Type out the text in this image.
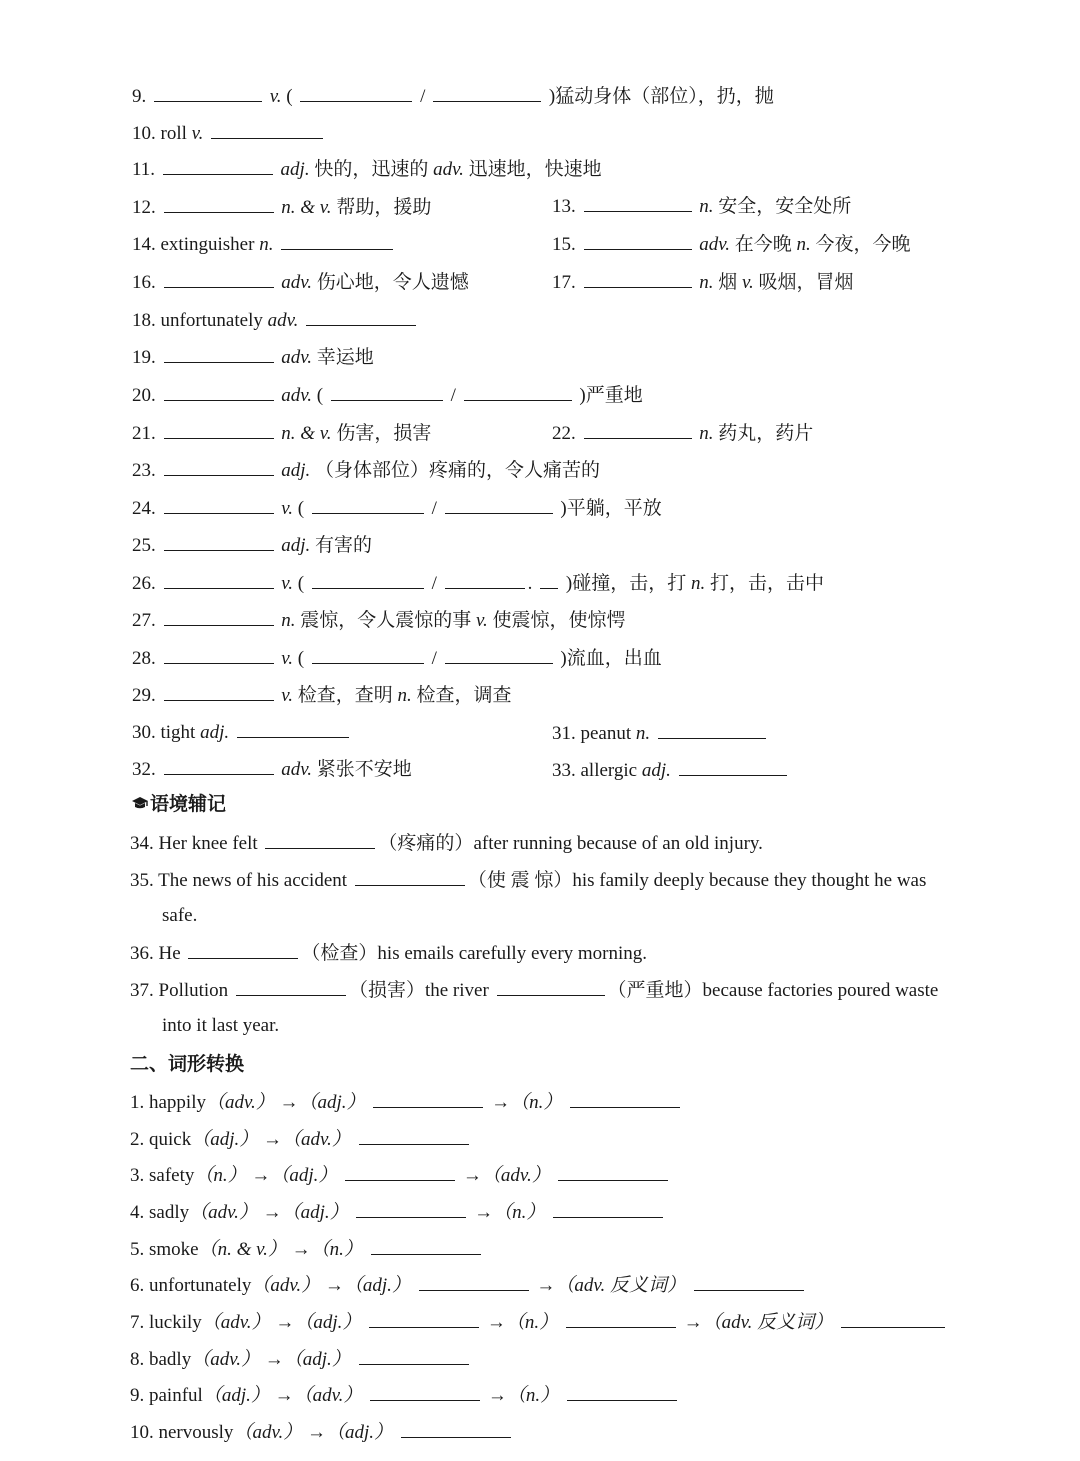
9.	v. (	/	)猛动身体（部位），扔，抛
10. roll v.
11.	adj. 快的，迅速的 adv. 迅速地，快速地
12.	n. & v. 帮助，援助	13.	n. 安全，安全处所
14. extinguisher n.	15.	adv. 在今晚 n. 今夜，今晚
16.	adv. 伤心地，令人遗憾	17.	n. 烟 v. 吸烟，冒烟
18. unfortunately adv.
19.	adv. 幸运地
20.	adv. (	/	)严重地
21.	n. & v. 伤害，损害	22.	n. 药丸，药片
23.	adj. （身体部位）疼痛的，令人痛苦的
24.	v. (	/	)平躺，平放
25.	adj. 有害的
26.	v. (	/	. )碰撞，击，打 n. 打，击，击中
27.	n. 震惊，令人震惊的事 v. 使震惊，使惊愕
28.	v. (	/	)流血，出血
29.	v. 检查，查明 n. 检查，调查
30. tight adj.	31. peanut n.
32.	adv. 紧张不安地	33. allergic adj.
语境辅记
34. Her knee felt	（疼痛的）after running because of an old injury.
35. The news of his accident	（使 震 惊）his family deeply because they thought he was
safe.
36. He	（检查）his emails carefully every morning.
37. Pollution	（损害）the river	（严重地）because factories poured waste
into it last year.
二、词形转换
1. happily（adv.） →（adj.）	→（n.）
2. quick（adj.） →（adv.）
3. safety（n.） →（adj.）	→（adv.）
4. sadly（adv.） →（adj.）	→（n.）
5. smoke（n. & v.） →（n.）
6. unfortunately（adv.） →（adj.）	→（adv. 反义词）
7. luckily（adv.） →（adj.）	→（n.）	→（adv. 反义词）
8. badly（adv.） →（adj.）
9. painful（adj.） →（adv.）	→（n.）
10. nervously（adv.） →（adj.）
